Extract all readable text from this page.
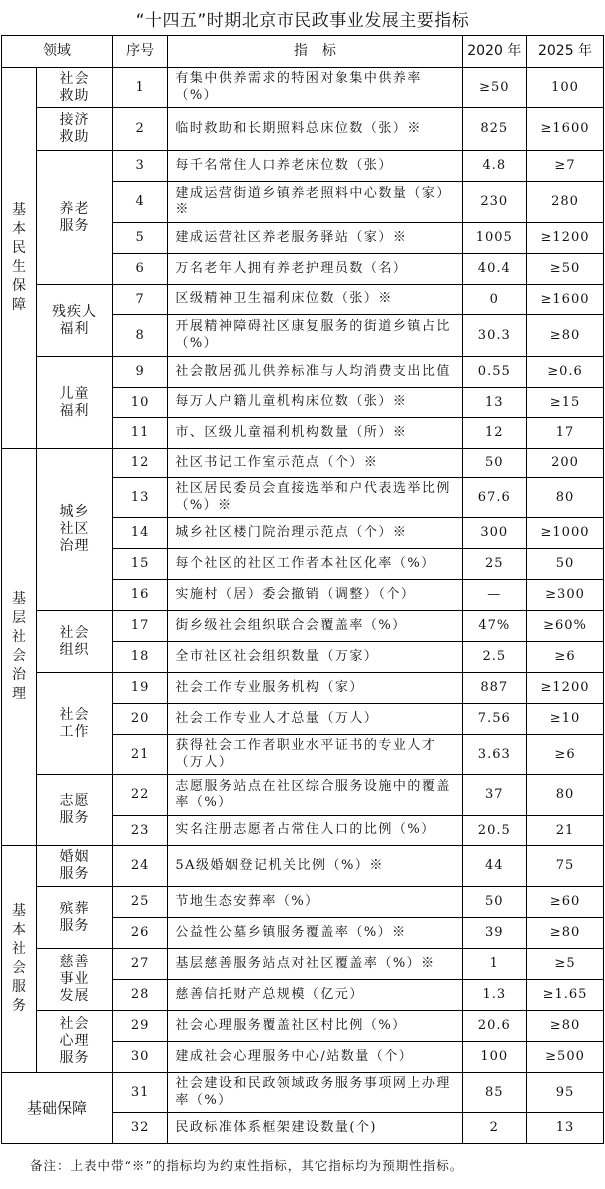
“十四五”时期北京市民政事业发展主要指标
领域		序号	指　标	2020 年	2025 年
基本民生保障	社会救助	1	有集中供养需求的特困对象集中供养率（%）	≥50	100
	接济救助	2	临时救助和长期照料总床位数（张）※	825	≥1600
	养老服务	3	每千名常住人口养老床位数（张）	4.8	≥7
		4	建成运营街道乡镇养老照料中心数量（家）※	230	280
		5	建成运营社区养老服务驿站（家）※	1005	≥1200
		6	万名老年人拥有养老护理员数（名）	40.4	≥50
	残疾人福利	7	区级精神卫生福利床位数（张）※	0	≥1600
		8	开展精神障碍社区康复服务的街道乡镇占比（%）	30.3	≥80
	儿童福利	9	社会散居孤儿供养标准与人均消费支出比值	0.55	≥0.6
		10	每万人户籍儿童机构床位数（张）※	13	≥15
		11	市、区级儿童福利机构数量（所）※	12	17
基层社会治理	城乡社区治理	12	社区书记工作室示范点（个）※	50	200
		13	社区居民委员会直接选举和户代表选举比例（%）※	67.6	80
		14	城乡社区楼门院治理示范点（个）※	300	≥1000
		15	每个社区的社区工作者本社区化率（%）	25	50
		16	实施村（居）委会撤销（调整）（个）	—	≥300
	社会组织	17	街乡级社会组织联合会覆盖率（%）	47%	≥60%
		18	全市社区社会组织数量（万家）	2.5	≥6
	社会工作	19	社会工作专业服务机构（家）	887	≥1200
		20	社会工作专业人才总量（万人）	7.56	≥10
		21	获得社会工作者职业水平证书的专业人才（万人）	3.63	≥6
	志愿服务	22	志愿服务站点在社区综合服务设施中的覆盖率（%）	37	80
		23	实名注册志愿者占常住人口的比例（%）	20.5	21
基本社会服务	婚姻服务	24	5A级婚姻登记机关比例（%）※	44	75
	殡葬服务	25	节地生态安葬率（%）	50	≥60
		26	公益性公墓乡镇服务覆盖率（%）※	39	≥80
	慈善事业发展	27	基层慈善服务站点对社区覆盖率（%）※	1	≥5
		28	慈善信托财产总规模（亿元）	1.3	≥1.65
	社会心理服务	29	社会心理服务覆盖社区村比例（%）	20.6	≥80
		30	建成社会心理服务中心/站数量（个）	100	≥500
基础保障		31	社会建设和民政领域政务服务事项网上办理率（%）	85	95
		32	民政标准体系框架建设数量(个)	2	13
备注：上表中带“※”的指标均为约束性指标，其它指标均为预期性指标。
